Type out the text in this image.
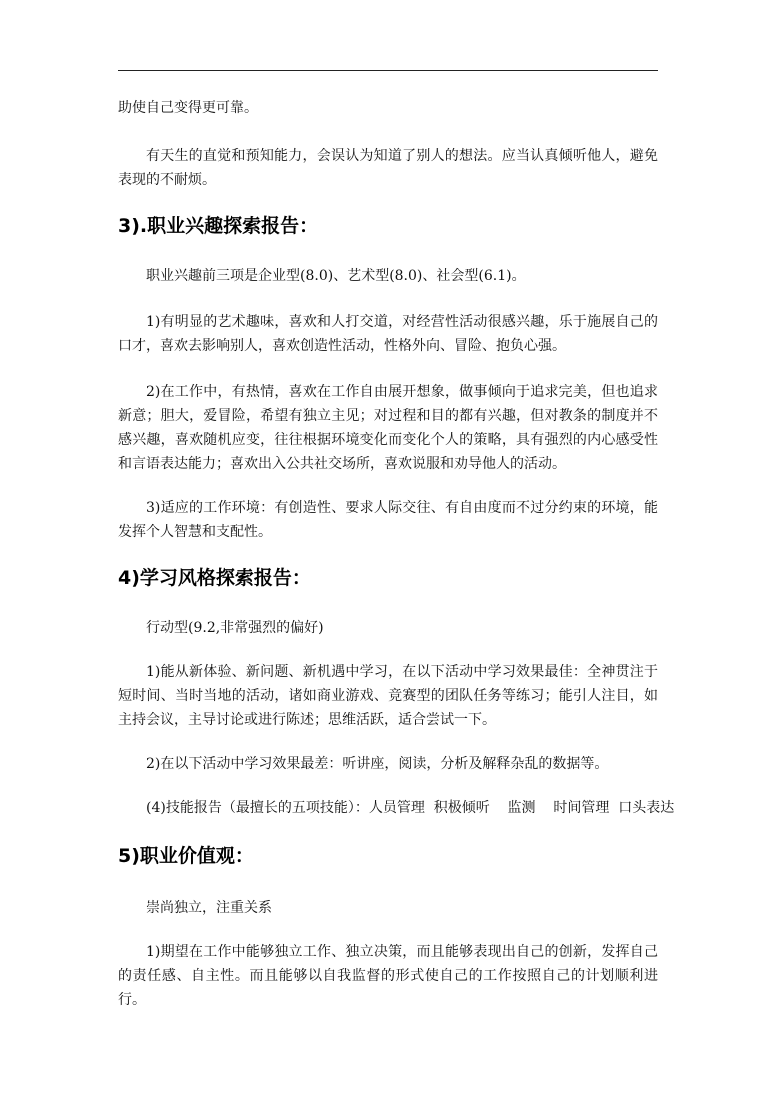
助使自己变得更可靠。

有天生的直觉和预知能力，会误认为知道了别人的想法。应当认真倾听他人，避免表现的不耐烦。

3).职业兴趣探索报告：

职业兴趣前三项是企业型(8.0)、艺术型(8.0)、社会型(6.1)。

1)有明显的艺术趣味，喜欢和人打交道，对经营性活动很感兴趣，乐于施展自己的口才，喜欢去影响别人，喜欢创造性活动，性格外向、冒险、抱负心强。

2)在工作中，有热情，喜欢在工作自由展开想象，做事倾向于追求完美，但也追求新意；胆大，爱冒险，希望有独立主见；对过程和目的都有兴趣，但对教条的制度并不感兴趣，喜欢随机应变，往往根据环境变化而变化个人的策略，具有强烈的内心感受性和言语表达能力；喜欢出入公共社交场所，喜欢说服和劝导他人的活动。

3)适应的工作环境：有创造性、要求人际交往、有自由度而不过分约束的环境，能发挥个人智慧和支配性。

4)学习风格探索报告：

行动型(9.2,非常强烈的偏好)

1)能从新体验、新问题、新机遇中学习，在以下活动中学习效果最佳：全神贯注于短时间、当时当地的活动，诸如商业游戏、竞赛型的团队任务等练习；能引人注目，如主持会议，主导讨论或进行陈述；思维活跃，适合尝试一下。

2)在以下活动中学习效果最差：听讲座，阅读，分析及解释杂乱的数据等。

(4)技能报告（最擅长的五项技能）：人员管理  积极倾听    监测    时间管理  口头表达

5)职业价值观：

崇尚独立，注重关系

1)期望在工作中能够独立工作、独立决策，而且能够表现出自己的创新，发挥自己的责任感、自主性。而且能够以自我监督的形式使自己的工作按照自己的计划顺利进行。
